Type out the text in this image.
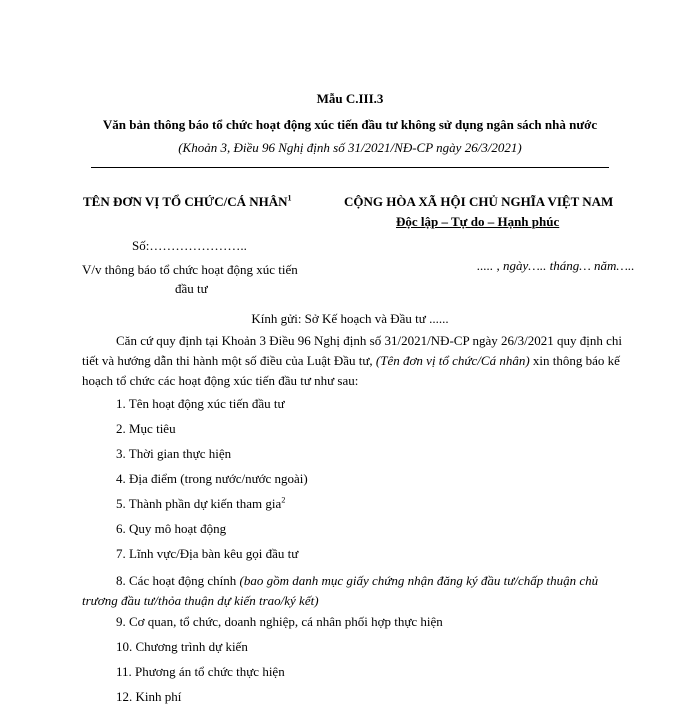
Mẫu C.III.3
Văn bản thông báo tổ chức hoạt động xúc tiến đầu tư không sử dụng ngân sách nhà nước
(Khoản 3, Điều 96 Nghị định số 31/2021/NĐ-CP ngày 26/3/2021)
TÊN ĐƠN VỊ TỔ CHỨC/CÁ NHÂN$^1$	CỘNG HÒA XÃ HỘI CHỦ NGHĨA VIỆT NAM
Độc lập – Tự do – Hạnh phúc
Số:…………………..
..... , ngày….. tháng… năm…..
V/v thông báo tổ chức hoạt động xúc tiến
đầu tư
Kính gửi: Sở Kế hoạch và Đầu tư ......
Căn cứ quy định tại Khoản 3 Điều 96 Nghị định số 31/2021/NĐ-CP ngày 26/3/2021 quy định chi tiết và hướng dẫn thi hành một số điều của Luật Đầu tư, (Tên đơn vị tổ chức/Cá nhân) xin thông báo kế hoạch tổ chức các hoạt động xúc tiến đầu tư như sau:
1. Tên hoạt động xúc tiến đầu tư
2. Mục tiêu
3. Thời gian thực hiện
4. Địa điểm (trong nước/nước ngoài)
5. Thành phần dự kiến tham gia$^2$
6. Quy mô hoạt động
7. Lĩnh vực/Địa bàn kêu gọi đầu tư
8. Các hoạt động chính (bao gồm danh mục giấy chứng nhận đăng ký đầu tư/chấp thuận chủ trương đầu tư/thỏa thuận dự kiến trao/ký kết)
9. Cơ quan, tổ chức, doanh nghiệp, cá nhân phối hợp thực hiện
10. Chương trình dự kiến
11. Phương án tổ chức thực hiện
12. Kinh phí
